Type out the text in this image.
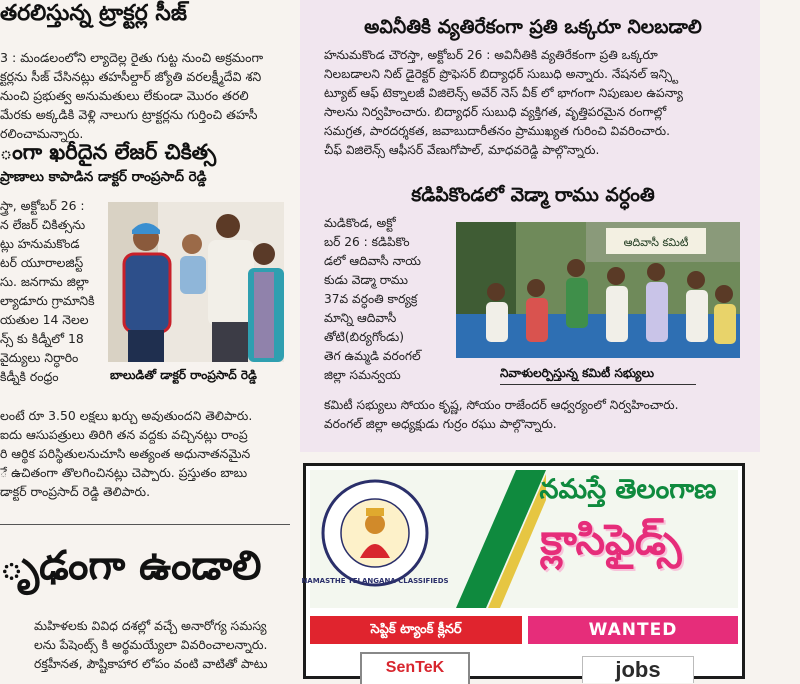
తరలిస్తున్న ట్రాక్టర్ల సీజ్

3 : మండలంలోని ల్యాదెల్ల రైతు గుట్ట నుంచి అక్రమంగా

క్టర్లను సీజ్ చేసినట్లు తహసీల్దార్ జ్యోతి వరలక్ష్మీదేవి శని

నుంచి ప్రభుత్వ అనుమతులు లేకుండా మొరం తరలి

మేరకు అక్కడికి వెళ్లి నాలుగు ట్రాక్టర్లను గుర్తించి తహసీ

రలించామన్నారు.

ంగా ఖరీదైన లేజర్ చికిత్స
ప్రాణాలు కాపాడిన డాక్టర్ రాంప్రసాద్ రెడ్డి

స్త్రా, అక్టోబర్ 26 :

న లేజర్ చికిత్సను

ట్లు హనుమకొండ

టర్ యూరాలజిస్ట్

సు. జనగామ జిల్లా

ల్యాడూరు గ్రామానికి

యతుల 14 నెలల

న్స్ కు కిడ్నీలో 18

వైద్యులు నిర్ధారిం

కిడ్నీకి రంధ్రం	బాలుడితో డాక్టర్ రాంప్రసాద్ రెడ్డి

లంటే రూ 3.50 లక్షలు ఖర్చు అవుతుందని తెలిపారు.

ఐదు ఆసుపత్రులు తిరిగి తన వద్దకు వచ్చినట్లు రాంప్ర

రి ఆర్థిక పరిస్థితులనుచూసి అత్యంత అధునాతనమైన

ే ఉచితంగా తొలగించినట్లు చెప్పారు. ప్రస్తుతం బాబు

డాక్టర్ రాంప్రసాద్ రెడ్డి తెలిపారు.

ృఢంగా ఉండాలి

మహిళలకు వివిధ దశల్లో వచ్చే అనారోగ్య సమస్య

లను పేషెంట్స్ కి అర్థమయ్యేలా వివరించాలన్నారు.

రక్తహీనత, పౌష్టికాహార లోపం వంటి వాటితో పాటు

అవినీతికి వ్యతిరేకంగా ప్రతి ఒక్కరూ నిలబడాలి

హనుమకొండ చౌరస్తా, అక్టోబర్ 26 : అవినీతికి వ్యతిరేకంగా ప్రతి ఒక్కరూ

నిలబడాలని నిట్ డైరెక్టర్ ప్రొఫెసర్ బిద్యాధర్ సుబుధి అన్నారు. నేషనల్ ఇన్స్టి

ట్యూట్ ఆఫ్ టెక్నాలజీ విజిలెన్స్ అవేర్ నెస్ వీక్ లో భాగంగా నిపుణుల ఉపన్యా

సాలను నిర్వహించారు. బిద్యాధర్ సుబుధి వ్యక్తిగత, వృత్తిపరమైన రంగాల్లో

సమగ్రత, పారదర్శకత, జవాబుదారీతనం ప్రాముఖ్యత గురించి వివరించారు.

చీఫ్ విజిలెన్స్ ఆఫీసర్ వేణుగోపాల్, మాధవరెడ్డి పాల్గొన్నారు.

కడిపికొండలో వెడ్మా రాము వర్ధంతి

మడికొండ, అక్టో

బర్ 26 : కడిపికొం

డలో ఆదివాసీ నాయ

కుడు వెడ్మా రాము

37వ వర్ధంతి కార్యక్ర

మాన్ని ఆదివాసీ

తోటి(బిర్యగోండు)

తెగ ఉమ్మడి వరంగల్

జిల్లా సమన్వయ

ఆదివాసీ కమిటీ
నివాళులర్పిస్తున్న కమిటీ సభ్యులు

కమిటీ సభ్యులు సోయం కృష్ణ, సోయం రాజేందర్ ఆధ్వర్యంలో నిర్వహించారు.

వరంగల్ జిల్లా అధ్యక్షుడు గుర్రం రఘు పాల్గొన్నారు.

NAMASTHE TELANGANA CLASSIFIEDS
నమస్తే తెలంగాణ
క్లాసిఫైడ్స్
సెప్టిక్ ట్యాంక్ క్లీనర్	WANTED
SenTeK	jobs
